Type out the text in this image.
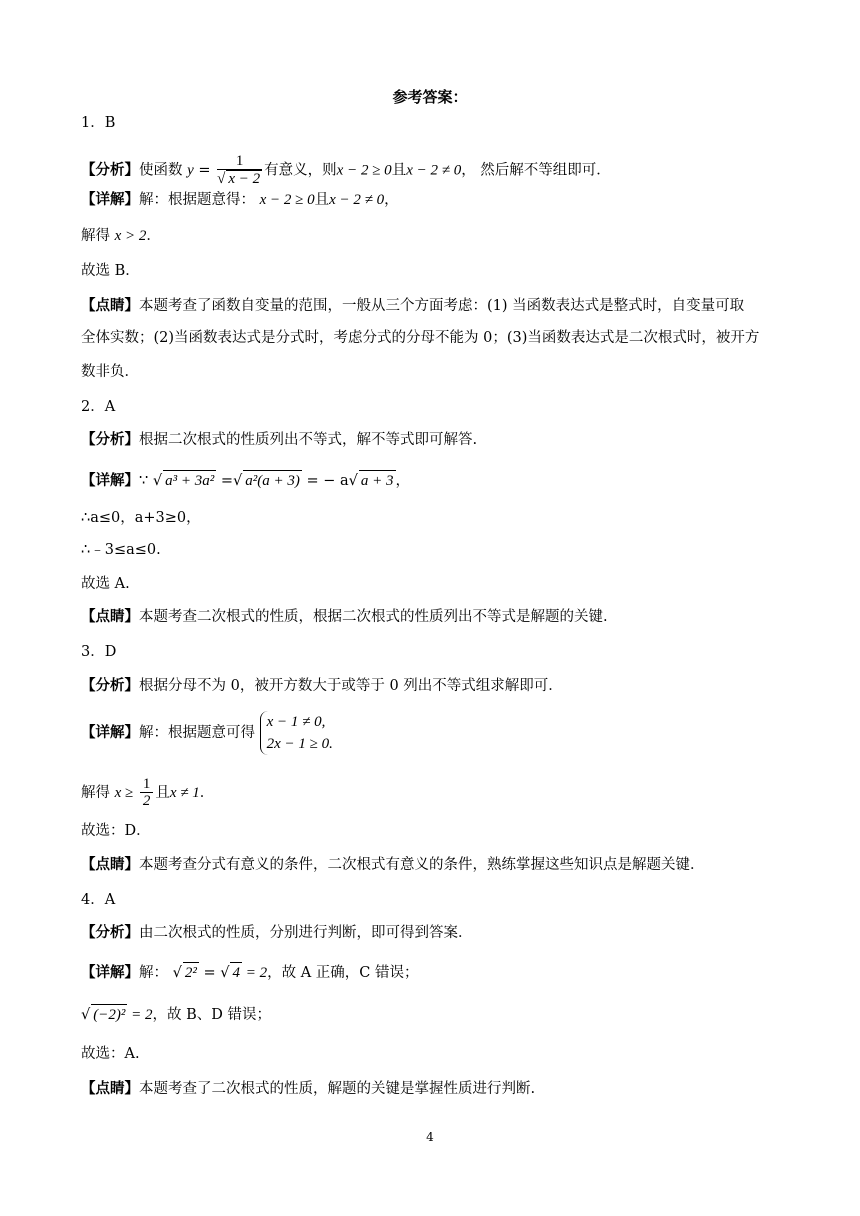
参考答案：
1．B
【分析】使函数 $y = \frac{1}{√ x - 2}$ 有意义，则x − 2 ≥ 0且x − 2 ≠ 0， 然后解不等组即可．
【详解】解：根据题意得： x − 2 ≥ 0且x − 2 ≠ 0，
解得 x > 2．
故选 B．
【点睛】本题考查了函数自变量的范围，一般从三个方面考虑：(1) 当函数表达式是整式时，自变量可取
全体实数；(2)当函数表达式是分式时，考虑分式的分母不能为 0；(3)当函数表达式是二次根式时，被开方
数非负．
2．A
【分析】根据二次根式的性质列出不等式，解不等式即可解答.
【详解】∵ √ a³ + 3a² =√ a²(a + 3) = − a√ a + 3 ，
∴a≤0，a+3≥0，
∴﹣3≤a≤0.
故选 A.
【点睛】本题考查二次根式的性质，根据二次根式的性质列出不等式是解题的关键.
3．D
【分析】根据分母不为 0，被开方数大于或等于 0 列出不等式组求解即可．
【详解】解：根据题意可得
x − 1 ≠ 0,
2x − 1 ≥ 0.
解得 $x \ge \frac{1}{2}$ 且x ≠ 1．
故选：D．
【点睛】本题考查分式有意义的条件，二次根式有意义的条件，熟练掌握这些知识点是解题关键．
4．A
【分析】由二次根式的性质，分别进行判断，即可得到答案．
【详解】解： √ 2² = √ 4 = 2，故 A 正确，C 错误；
√ (−2)² = 2，故 B、D 错误；
故选：A.
【点睛】本题考查了二次根式的性质，解题的关键是掌握性质进行判断.
4
